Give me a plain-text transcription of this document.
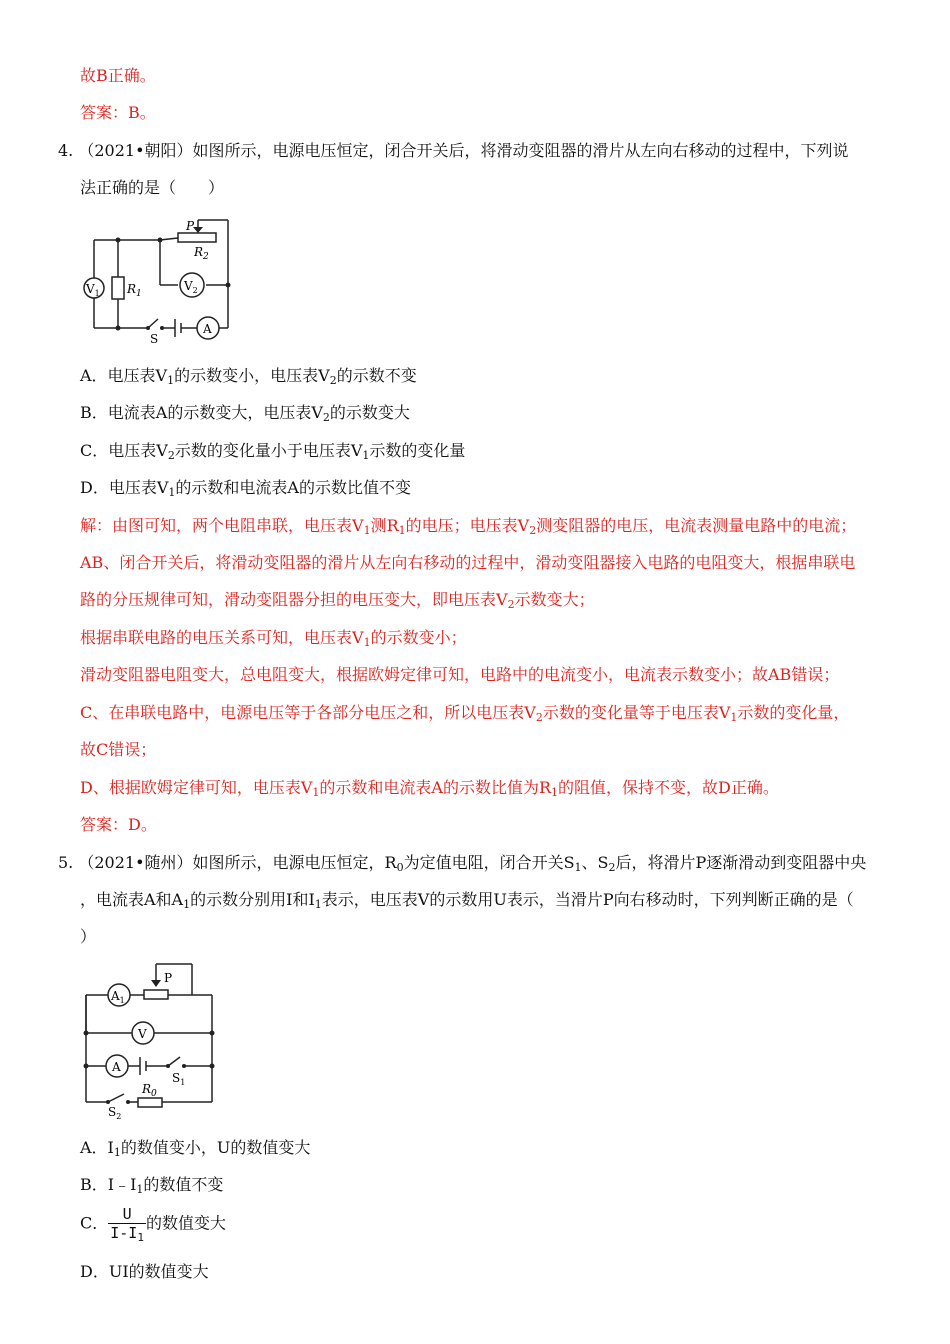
故B正确。
答案：B。
4. （2021•朝阳）如图所示，电源电压恒定，闭合开关后，将滑动变阻器的滑片从左向右移动的过程中，下列说
法正确的是（　　）
P
$R_2$
$V_1$ $R_1$
$V_2$
S
A
A．电压表$V_1$的示数变小，电压表$V_2$的示数不变
B．电流表A的示数变大，电压表$V_2$的示数变大
C．电压表$V_2$示数的变化量小于电压表$V_1$示数的变化量
D．电压表$V_1$的示数和电流表A的示数比值不变
解：由图可知，两个电阻串联，电压表$V_1$测$R_1$的电压；电压表$V_2$测变阻器的电压，电流表测量电路中的电流；
AB、闭合开关后，将滑动变阻器的滑片从左向右移动的过程中，滑动变阻器接入电路的电阻变大，根据串联电
路的分压规律可知，滑动变阻器分担的电压变大，即电压表$V_2$示数变大；
根据串联电路的电压关系可知，电压表$V_1$的示数变小；
滑动变阻器电阻变大，总电阻变大，根据欧姆定律可知，电路中的电流变小，电流表示数变小；故AB错误；
C、在串联电路中，电源电压等于各部分电压之和，所以电压表$V_2$示数的变化量等于电压表$V_1$示数的变化量，
故C错误；
D、根据欧姆定律可知，电压表$V_1$的示数和电流表A的示数比值为$R_1$的阻值，保持不变，故D正确。
答案：D。
5. （2021•随州）如图所示，电源电压恒定，$R_0$为定值电阻，闭合开关$S_1$、$S_2$后，将滑片P逐渐滑动到变阻器中央
，电流表A和$A_1$的示数分别用I和$I_1$表示，电压表V的示数用U表示，当滑片P向右移动时，下列判断正确的是（
）
$A_1$
P
V
A
$S_1$
$R_0$
$S_2$
A．$I_1$的数值变小，U的数值变大
B．$I﹣I_1$的数值不变
C． $\frac{U}{I-I_1}$ 的数值变大
D．UI的数值变大
